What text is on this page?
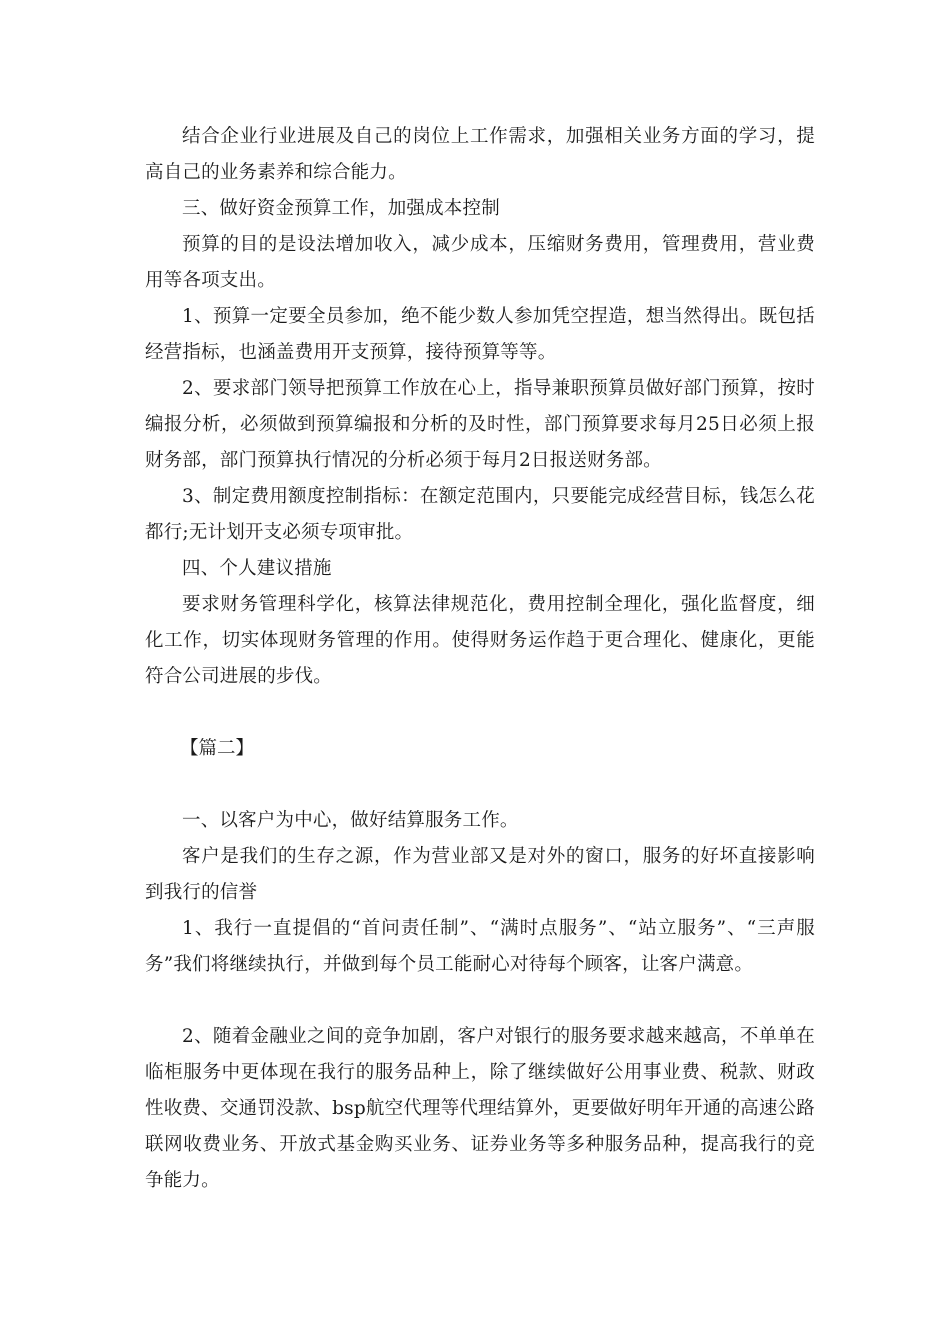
结合企业行业进展及自己的岗位上工作需求，加强相关业务方面的学习，提高自己的业务素养和综合能力。

三、做好资金预算工作，加强成本控制

预算的目的是设法增加收入，减少成本，压缩财务费用，管理费用，营业费用等各项支出。

1、预算一定要全员参加，绝不能少数人参加凭空捏造，想当然得出。既包括经营指标，也涵盖费用开支预算，接待预算等等。

2、要求部门领导把预算工作放在心上，指导兼职预算员做好部门预算，按时编报分析，必须做到预算编报和分析的及时性，部门预算要求每月25日必须上报财务部，部门预算执行情况的分析必须于每月2日报送财务部。

3、制定费用额度控制指标：在额定范围内，只要能完成经营目标，钱怎么花都行;无计划开支必须专项审批。

四、个人建议措施

要求财务管理科学化，核算法律规范化，费用控制全理化，强化监督度，细化工作，切实体现财务管理的作用。使得财务运作趋于更合理化、健康化，更能符合公司进展的步伐。

【篇二】

一、以客户为中心，做好结算服务工作。

客户是我们的生存之源，作为营业部又是对外的窗口，服务的好坏直接影响到我行的信誉

1、我行一直提倡的“首问责任制”、“满时点服务”、“站立服务”、“三声服务”我们将继续执行，并做到每个员工能耐心对待每个顾客，让客户满意。

2、随着金融业之间的竞争加剧，客户对银行的服务要求越来越高，不单单在临柜服务中更体现在我行的服务品种上，除了继续做好公用事业费、税款、财政性收费、交通罚没款、bsp航空代理等代理结算外，更要做好明年开通的高速公路联网收费业务、开放式基金购买业务、证券业务等多种服务品种，提高我行的竞争能力。
